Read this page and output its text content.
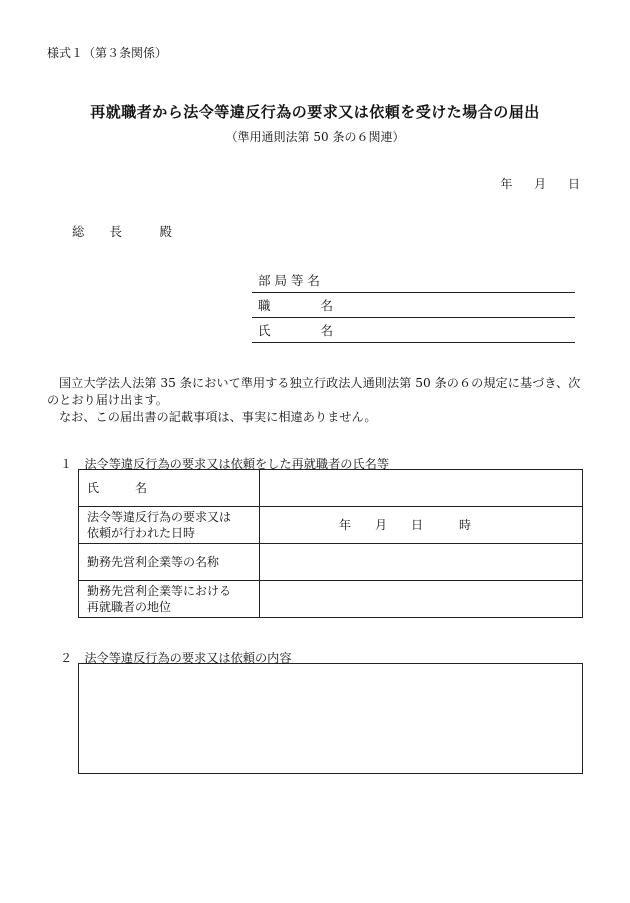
様式１（第３条関係）
再就職者から法令等違反行為の要求又は依頼を受けた場合の届出
（準用通則法第 50 条の６関連）
年　 月　 日
総　　長　　　殿

部 局 等 名

職　　　　名

氏　　　　名

国立大学法人法第 35 条において準用する独立行政法人通則法第 50 条の６の規定に基づき、次のとおり届け出ます。

なお、この届出書の記載事項は、事実に相違ありません。

１　法令等違反行為の要求又は依頼をした再就職者の氏名等
氏　　　名	
法令等違反行為の要求又は
依頼が行われた日時	年　　月　　日　　　時
勤務先営利企業等の名称	
勤務先営利企業等における
再就職者の地位	
２　法令等違反行為の要求又は依頼の内容
